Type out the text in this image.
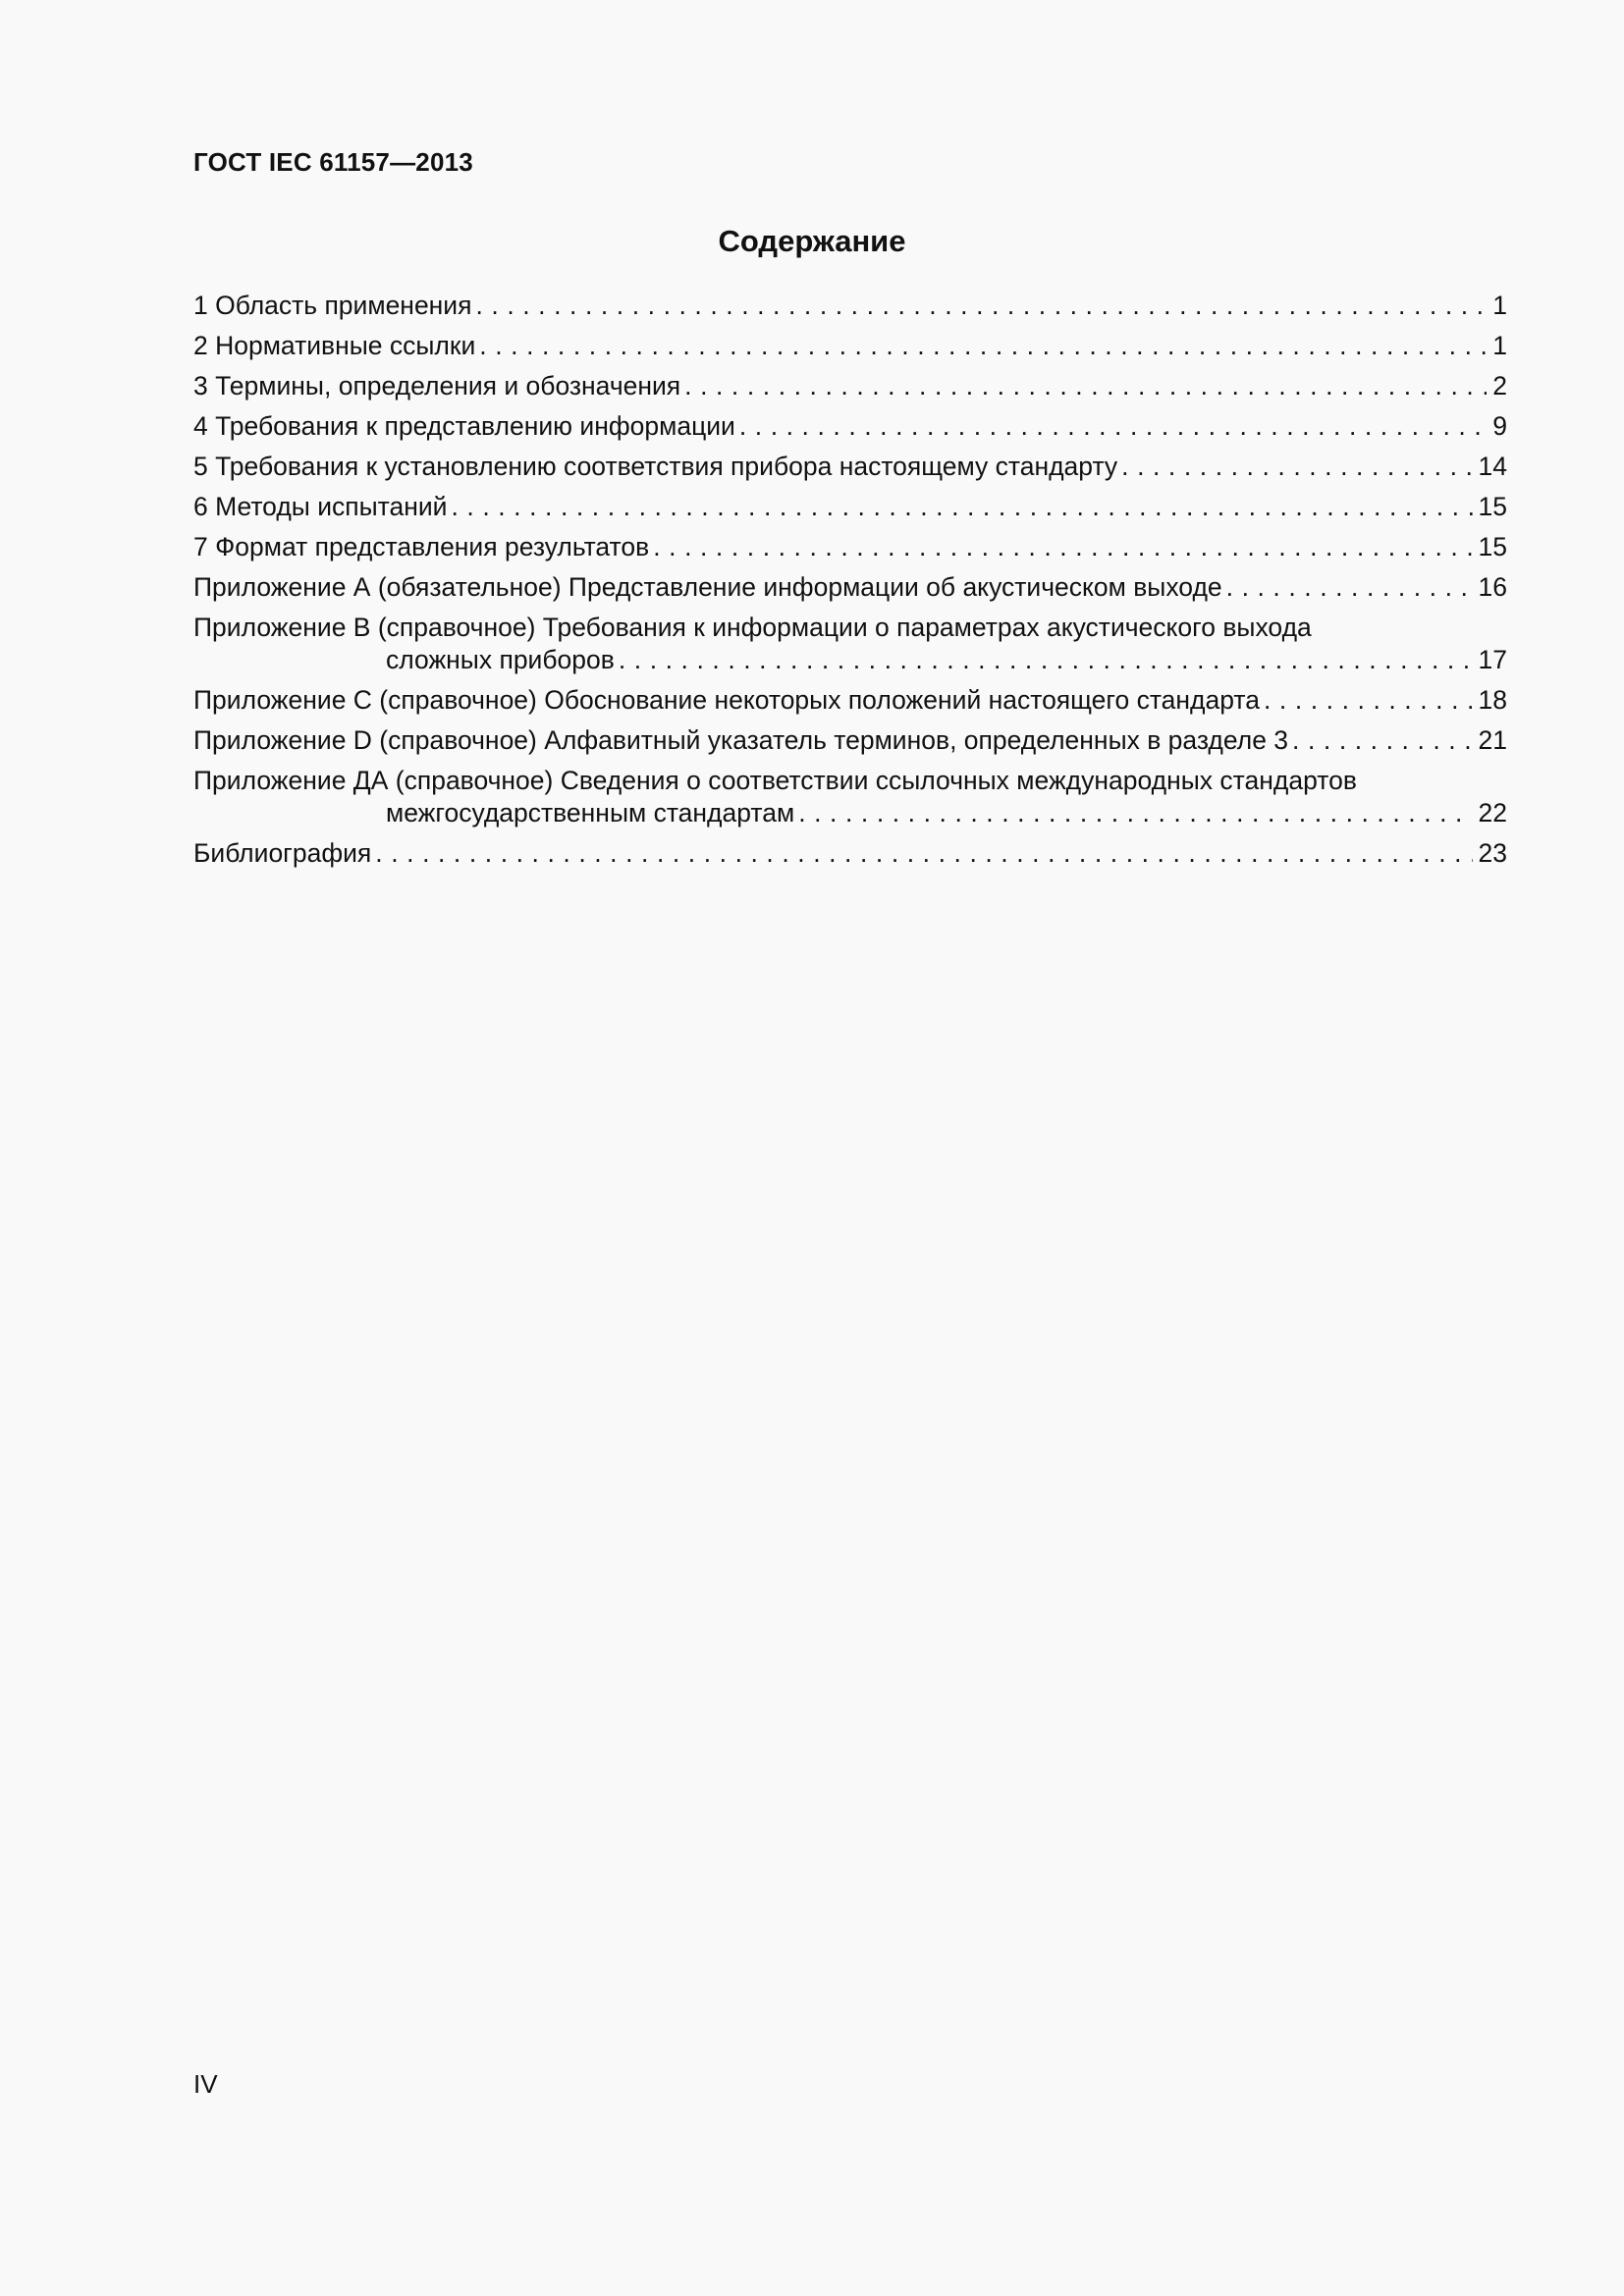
ГОСТ IEC 61157—2013
Содержание
1 Область применения . . .	1
2 Нормативные ссылки . . .	1
3 Термины, определения и обозначения . . .	2
4 Требования к представлению информации . . .	9
5 Требования к установлению соответствия прибора настоящему стандарту . . .	14
6 Методы испытаний . . .	15
7 Формат представления результатов . . .	15
Приложение А (обязательное) Представление информации об акустическом выходе . . .	16
Приложение В (справочное) Требования к информации о параметрах акустического выхода
сложных приборов . . .	17
Приложение С (справочное) Обоснование некоторых положений настоящего стандарта . . .	18
Приложение D (справочное) Алфавитный указатель терминов, определенных в разделе 3 . . .	21
Приложение ДА (справочное) Сведения о соответствии ссылочных международных стандартов
межгосударственным стандартам . . .	22
Библиография . . .	23
IV
